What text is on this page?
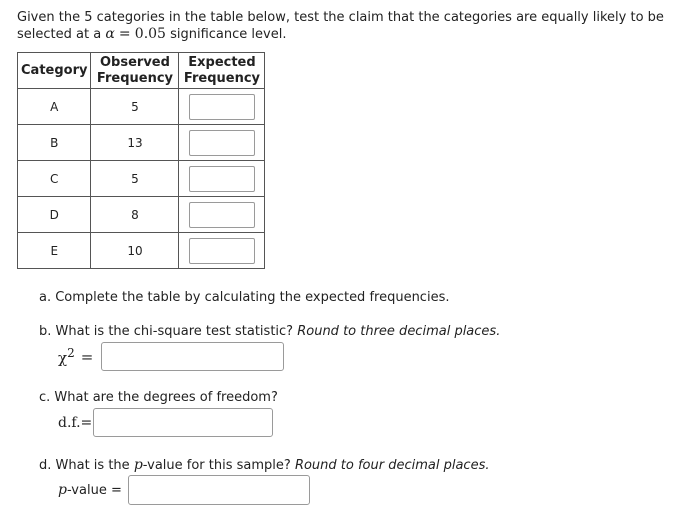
Given the 5 categories in the table below, test the claim that the categories are equally likely to be selected at a α = 0.05 significance level.
Category	Observed Frequency	Expected Frequency
A	5	

B	13	

C	5	

D	8	

E	10	
a. Complete the table by calculating the expected frequencies.
b. What is the chi-square test statistic? Round to three decimal places.
$\chi^2$ =
c. What are the degrees of freedom?
d.f.=
d. What is the p-value for this sample? Round to four decimal places.
p -value =
